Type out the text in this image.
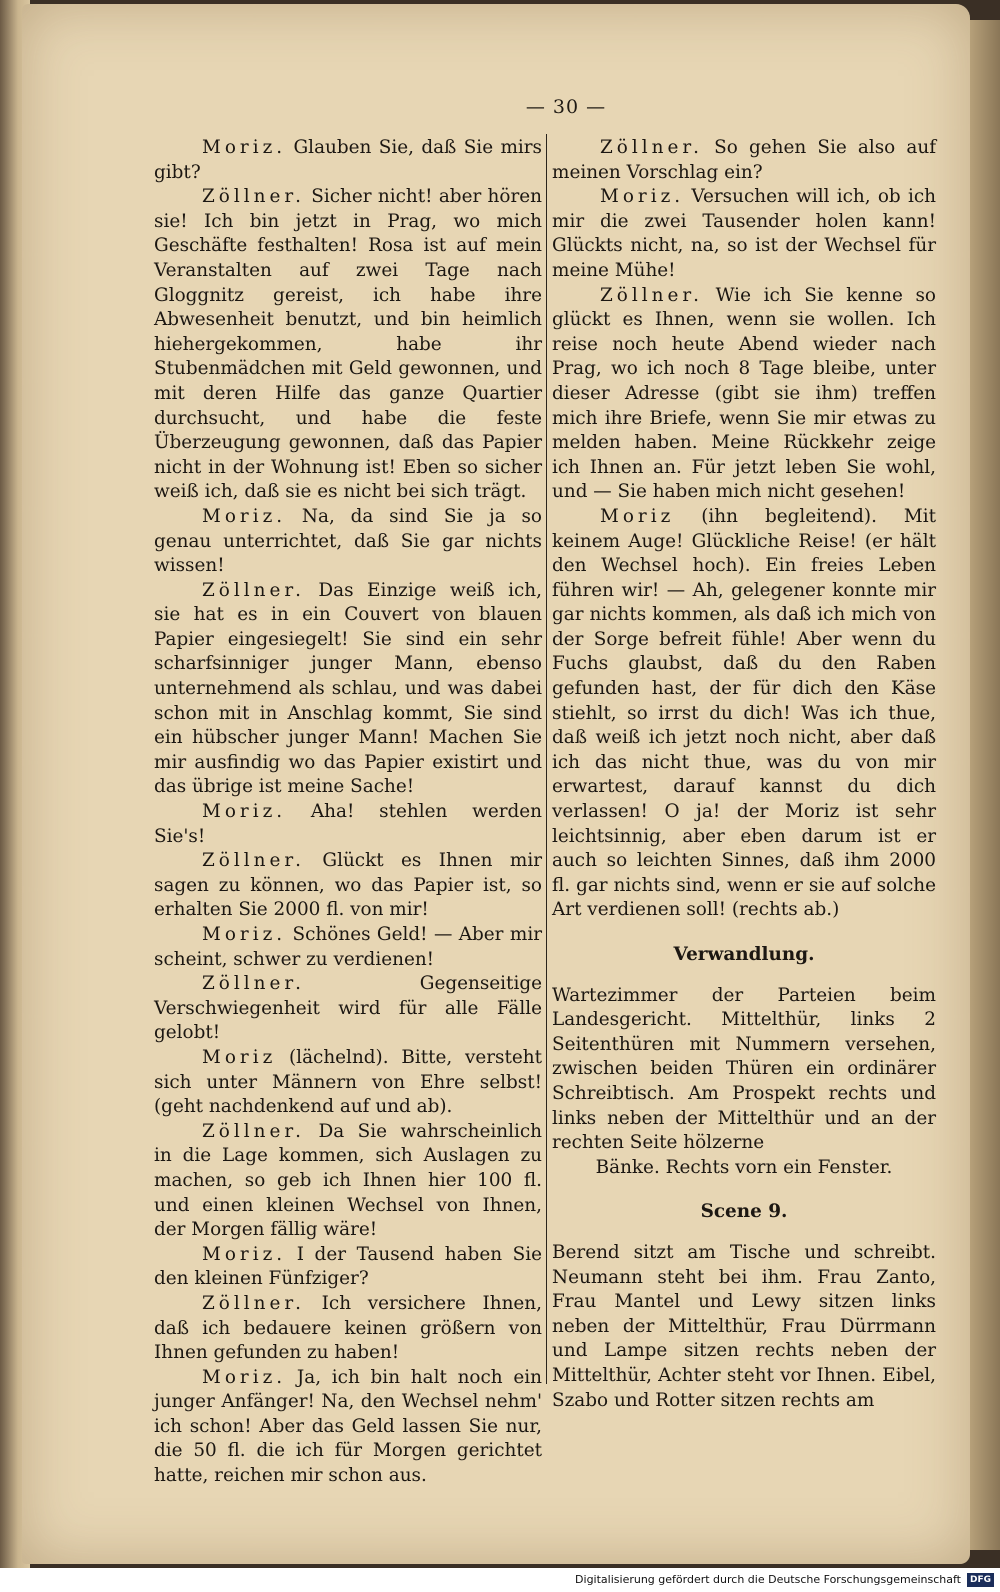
— 30 —

Moriz. Glauben Sie, daß Sie mirs gibt?

Zöllner. Sicher nicht! aber hören sie! Ich bin jetzt in Prag, wo mich Geschäfte festhalten! Rosa ist auf mein Veranstalten auf zwei Tage nach Gloggnitz gereist, ich habe ihre Abwesenheit benutzt, und bin heimlich hiehergekommen, habe ihr Stubenmädchen mit Geld gewonnen, und mit deren Hilfe das ganze Quartier durchsucht, und habe die feste Überzeugung gewonnen, daß das Papier nicht in der Wohnung ist! Eben so sicher weiß ich, daß sie es nicht bei sich trägt.

Moriz. Na, da sind Sie ja so genau unterrichtet, daß Sie gar nichts wissen!

Zöllner. Das Einzige weiß ich, sie hat es in ein Couvert von blauen Papier eingesiegelt! Sie sind ein sehr scharfsinniger junger Mann, ebenso unternehmend als schlau, und was dabei schon mit in Anschlag kommt, Sie sind ein hübscher junger Mann! Machen Sie mir ausfindig wo das Papier existirt und das übrige ist meine Sache!

Moriz. Aha! stehlen werden Sie's!

Zöllner. Glückt es Ihnen mir sagen zu können, wo das Papier ist, so erhalten Sie 2000 fl. von mir!

Moriz. Schönes Geld! — Aber mir scheint, schwer zu verdienen!

Zöllner. Gegenseitige Verschwiegenheit wird für alle Fälle gelobt!

Moriz (lächelnd). Bitte, versteht sich unter Männern von Ehre selbst! (geht nachdenkend auf und ab).

Zöllner. Da Sie wahrscheinlich in die Lage kommen, sich Auslagen zu machen, so geb ich Ihnen hier 100 fl. und einen kleinen Wechsel von Ihnen, der Morgen fällig wäre!

Moriz. I der Tausend haben Sie den kleinen Fünfziger?

Zöllner. Ich versichere Ihnen, daß ich bedauere keinen größern von Ihnen gefunden zu haben!

Moriz. Ja, ich bin halt noch ein junger Anfänger! Na, den Wechsel nehm' ich schon! Aber das Geld lassen Sie nur, die 50 fl. die ich für Morgen gerichtet hatte, reichen mir schon aus.

Zöllner. So gehen Sie also auf meinen Vorschlag ein?

Moriz. Versuchen will ich, ob ich mir die zwei Tausender holen kann! Glückts nicht, na, so ist der Wechsel für meine Mühe!

Zöllner. Wie ich Sie kenne so glückt es Ihnen, wenn sie wollen. Ich reise noch heute Abend wieder nach Prag, wo ich noch 8 Tage bleibe, unter dieser Adresse (gibt sie ihm) treffen mich ihre Briefe, wenn Sie mir etwas zu melden haben. Meine Rückkehr zeige ich Ihnen an. Für jetzt leben Sie wohl, und — Sie haben mich nicht gesehen!

Moriz (ihn begleitend). Mit keinem Auge! Glückliche Reise! (er hält den Wechsel hoch). Ein freies Leben führen wir! — Ah, gelegener konnte mir gar nichts kommen, als daß ich mich von der Sorge befreit fühle! Aber wenn du Fuchs glaubst, daß du den Raben gefunden hast, der für dich den Käse stiehlt, so irrst du dich! Was ich thue, daß weiß ich jetzt noch nicht, aber daß ich das nicht thue, was du von mir erwartest, darauf kannst du dich verlassen! O ja! der Moriz ist sehr leichtsinnig, aber eben darum ist er auch so leichten Sinnes, daß ihm 2000 fl. gar nichts sind, wenn er sie auf solche Art verdienen soll! (rechts ab.)

Verwandlung.

Wartezimmer der Parteien beim Landesgericht. Mittelthür, links 2 Seitenthüren mit Nummern versehen, zwischen beiden Thüren ein ordinärer Schreibtisch. Am Prospekt rechts und links neben der Mittelthür und an der rechten Seite hölzerne

Bänke. Rechts vorn ein Fenster.

Scene 9.

Berend sitzt am Tische und schreibt. Neumann steht bei ihm. Frau Zanto, Frau Mantel und Lewy sitzen links neben der Mittelthür, Frau Dürrmann und Lampe sitzen rechts neben der Mittelthür, Achter steht vor Ihnen. Eibel, Szabo und Rotter sitzen rechts am

Digitalisierung gefördert durch die Deutsche Forschungsgemeinschaft DFG
